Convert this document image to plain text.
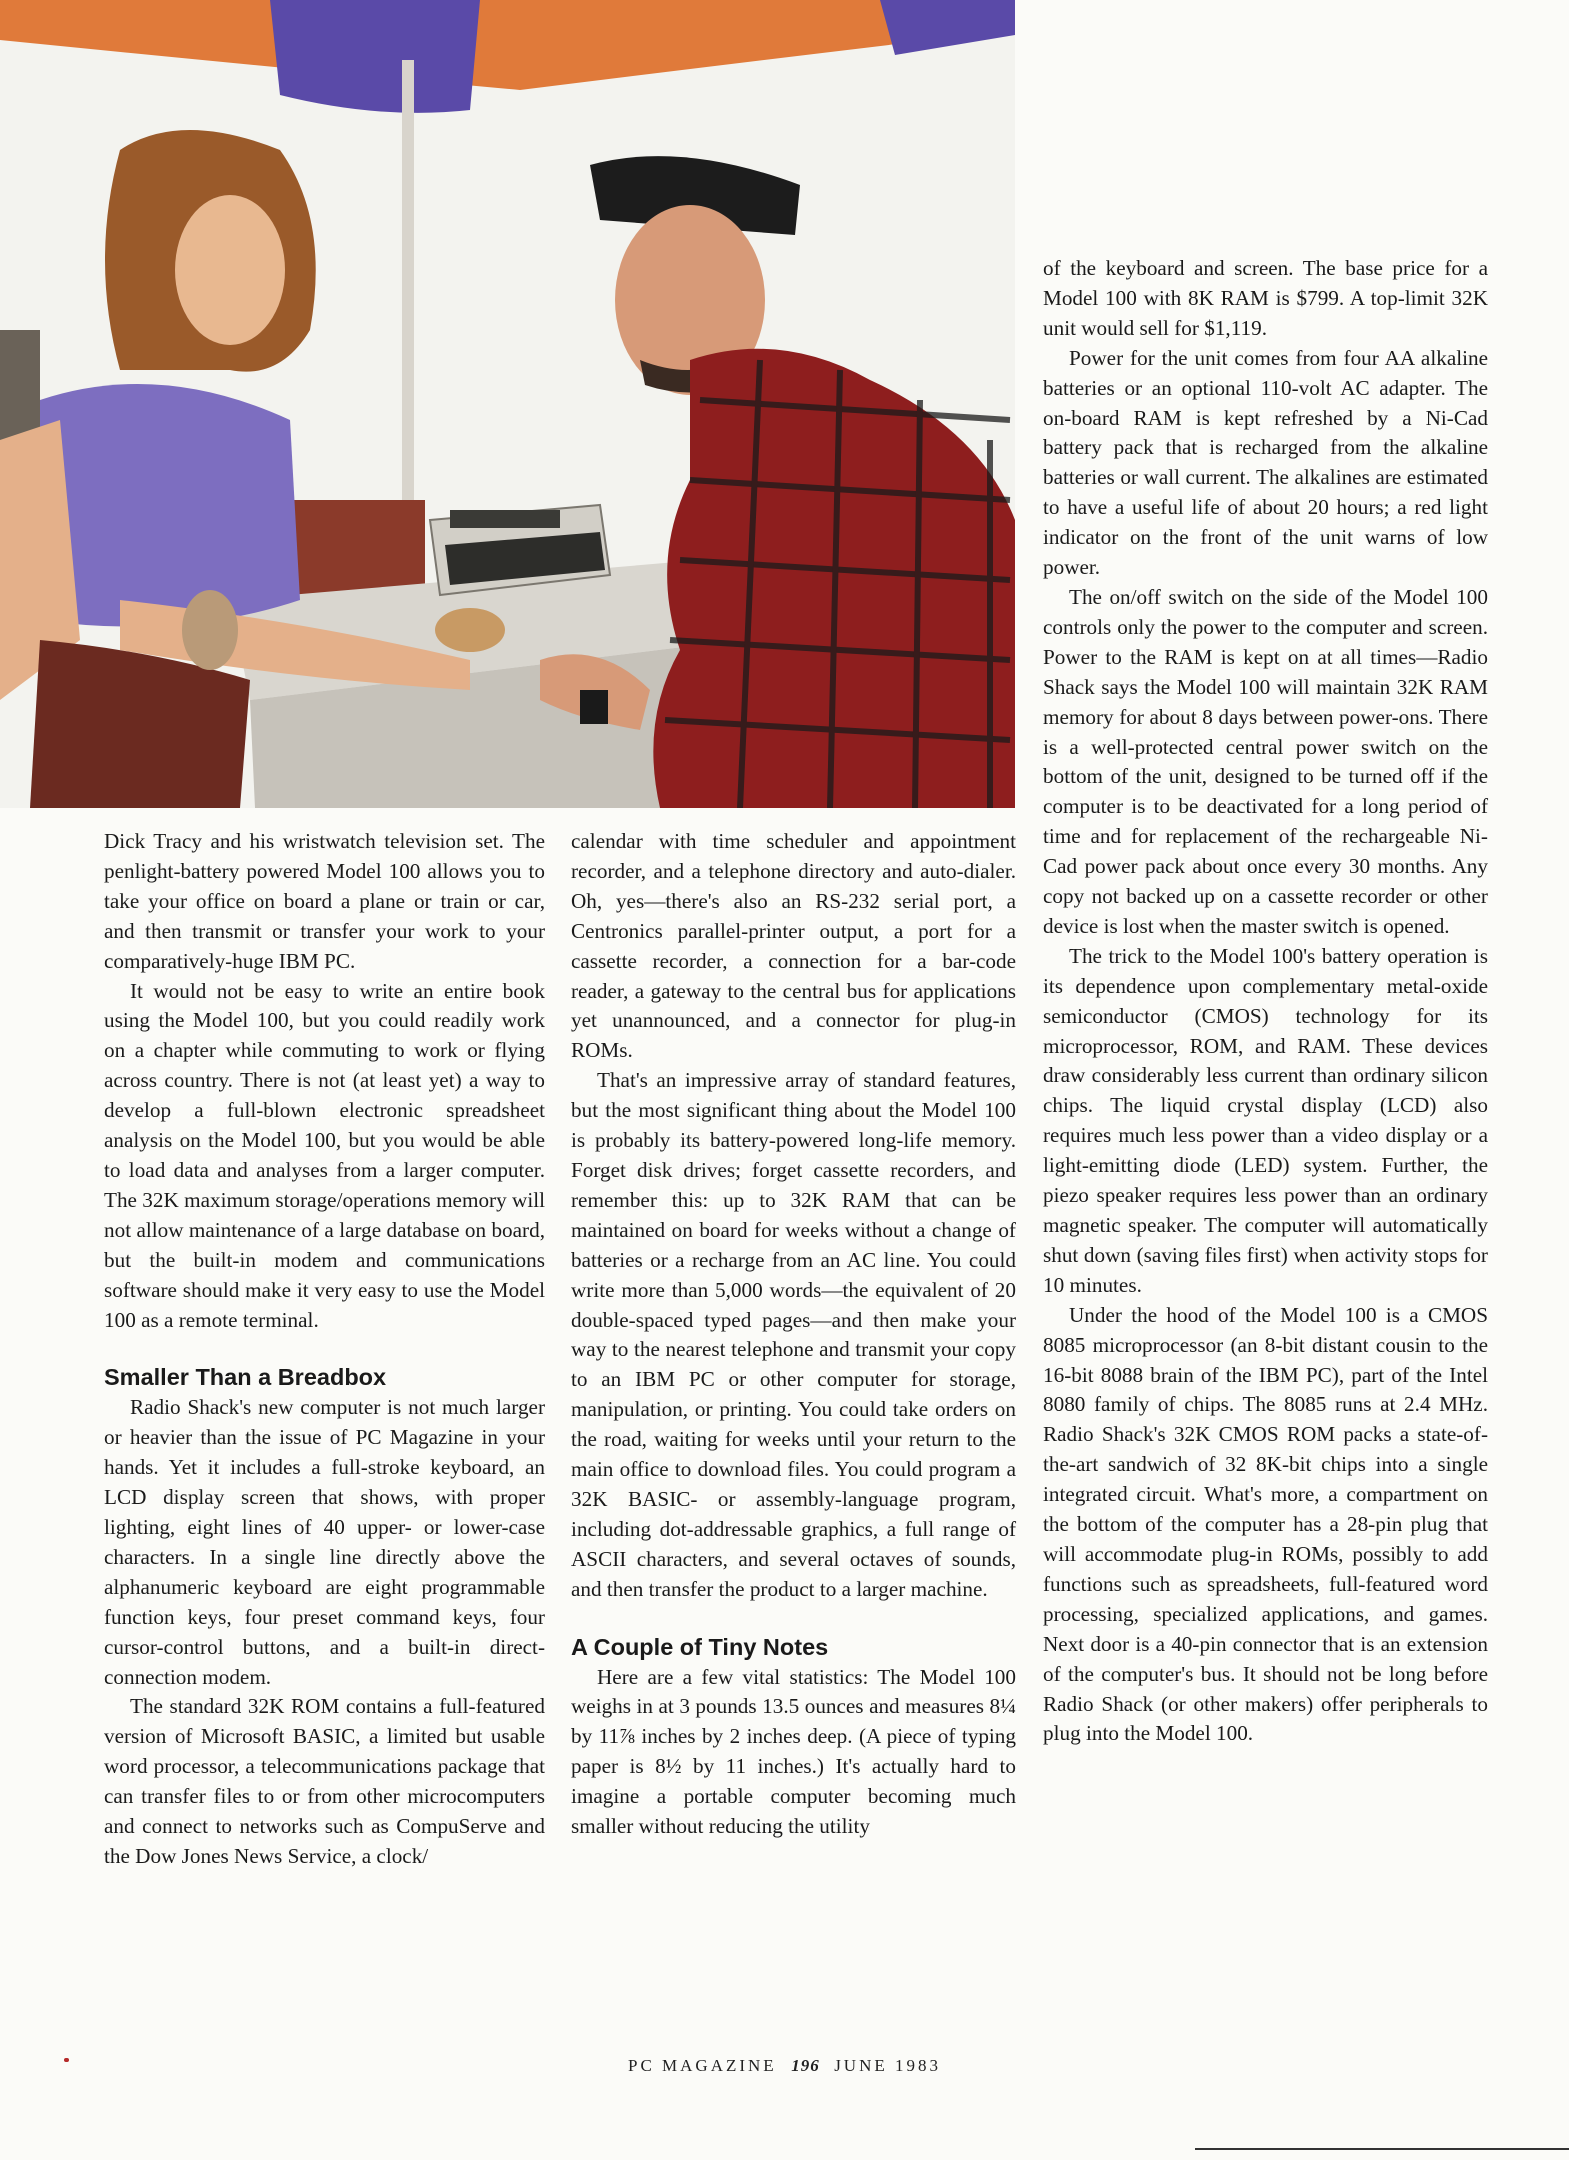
Dick Tracy and his wristwatch television set. The penlight-battery powered Model 100 allows you to take your office on board a plane or train or car, and then transmit or transfer your work to your comparatively-huge IBM PC.

It would not be easy to write an entire book using the Model 100, but you could readily work on a chapter while commuting to work or flying across country. There is not (at least yet) a way to develop a full-blown electronic spreadsheet analysis on the Model 100, but you would be able to load data and analyses from a larger computer. The 32K maximum storage/operations memory will not allow maintenance of a large database on board, but the built-in modem and communications software should make it very easy to use the Model 100 as a remote terminal.

Smaller Than a Breadbox

Radio Shack's new computer is not much larger or heavier than the issue of PC Magazine in your hands. Yet it includes a full-stroke keyboard, an LCD display screen that shows, with proper lighting, eight lines of 40 upper- or lower-case characters. In a single line directly above the alphanumeric keyboard are eight programmable function keys, four preset command keys, four cursor-control buttons, and a built-in direct-connection modem.

The standard 32K ROM contains a full-featured version of Microsoft BASIC, a limited but usable word processor, a telecommunications package that can transfer files to or from other microcomputers and connect to networks such as CompuServe and the Dow Jones News Service, a clock/

calendar with time scheduler and appointment recorder, and a telephone directory and auto-dialer. Oh, yes—there's also an RS-232 serial port, a Centronics parallel-printer output, a port for a cassette recorder, a connection for a bar-code reader, a gateway to the central bus for applications yet unannounced, and a connector for plug-in ROMs.

That's an impressive array of standard features, but the most significant thing about the Model 100 is probably its battery-powered long-life memory. Forget disk drives; forget cassette recorders, and remember this: up to 32K RAM that can be maintained on board for weeks without a change of batteries or a recharge from an AC line. You could write more than 5,000 words—the equivalent of 20 double-spaced typed pages—and then make your way to the nearest telephone and transmit your copy to an IBM PC or other computer for storage, manipulation, or printing. You could take orders on the road, waiting for weeks until your return to the main office to download files. You could program a 32K BASIC- or assembly-language program, including dot-addressable graphics, a full range of ASCII characters, and several octaves of sounds, and then transfer the product to a larger machine.

A Couple of Tiny Notes

Here are a few vital statistics: The Model 100 weighs in at 3 pounds 13.5 ounces and measures 8¼ by 11⅞ inches by 2 inches deep. (A piece of typing paper is 8½ by 11 inches.) It's actually hard to imagine a portable computer becoming much smaller without reducing the utility

of the keyboard and screen. The base price for a Model 100 with 8K RAM is $799. A top-limit 32K unit would sell for $1,119.

Power for the unit comes from four AA alkaline batteries or an optional 110-volt AC adapter. The on-board RAM is kept refreshed by a Ni-Cad battery pack that is recharged from the alkaline batteries or wall current. The alkalines are estimated to have a useful life of about 20 hours; a red light indicator on the front of the unit warns of low power.

The on/off switch on the side of the Model 100 controls only the power to the computer and screen. Power to the RAM is kept on at all times—Radio Shack says the Model 100 will maintain 32K RAM memory for about 8 days between power-ons. There is a well-protected central power switch on the bottom of the unit, designed to be turned off if the computer is to be deactivated for a long period of time and for replacement of the rechargeable Ni-Cad power pack about once every 30 months. Any copy not backed up on a cassette recorder or other device is lost when the master switch is opened.

The trick to the Model 100's battery operation is its dependence upon complementary metal-oxide semiconductor (CMOS) technology for its microprocessor, ROM, and RAM. These devices draw considerably less current than ordinary silicon chips. The liquid crystal display (LCD) also requires much less power than a video display or a light-emitting diode (LED) system. Further, the piezo speaker requires less power than an ordinary magnetic speaker. The computer will automatically shut down (saving files first) when activity stops for 10 minutes.

Under the hood of the Model 100 is a CMOS 8085 microprocessor (an 8-bit distant cousin to the 16-bit 8088 brain of the IBM PC), part of the Intel 8080 family of chips. The 8085 runs at 2.4 MHz. Radio Shack's 32K CMOS ROM packs a state-of-the-art sandwich of 32 8K-bit chips into a single integrated circuit. What's more, a compartment on the bottom of the computer has a 28-pin plug that will accommodate plug-in ROMs, possibly to add functions such as spreadsheets, full-featured word processing, specialized applications, and games. Next door is a 40-pin connector that is an extension of the computer's bus. It should not be long before Radio Shack (or other makers) offer peripherals to plug into the Model 100.

PC MAGAZINE 196 JUNE 1983
